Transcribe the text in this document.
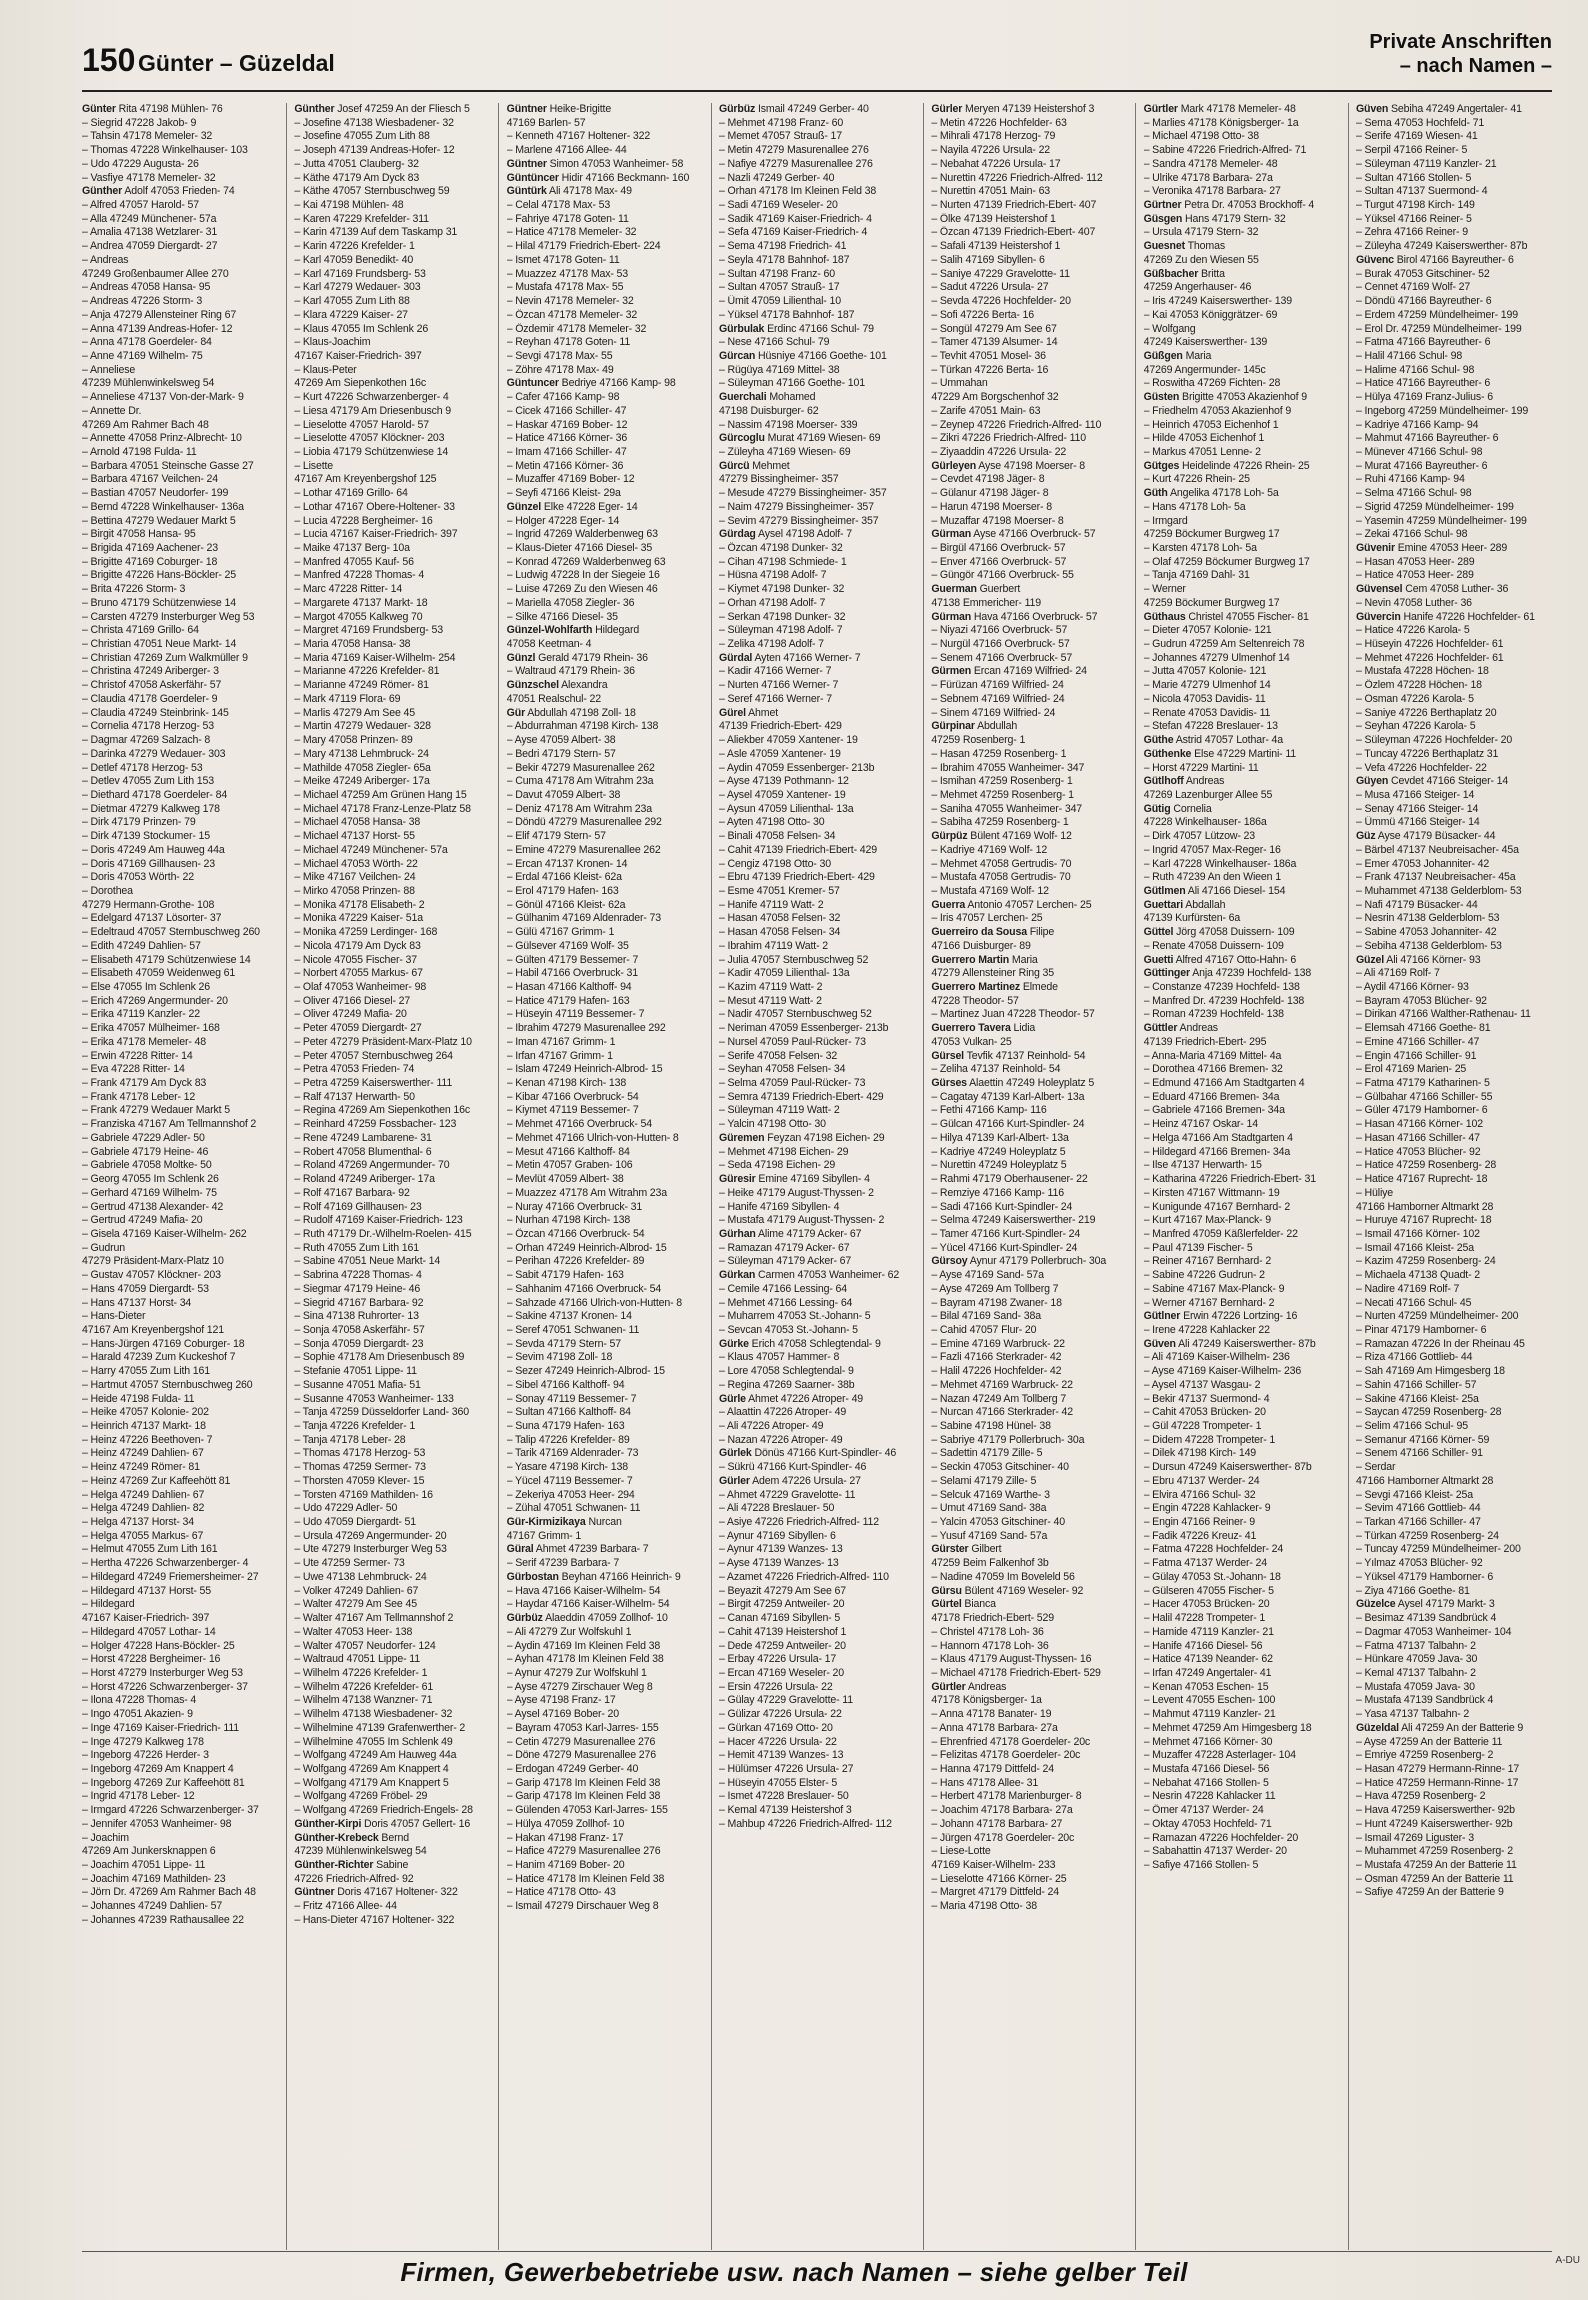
150 Günter – Güzeldal
Private Anschriften
– nach Namen –
Günter Rita 47198 Mühlen- 76
– Siegrid 47228 Jakob- 9
– Tahsin 47178 Memeler- 32
– Thomas 47228 Winkelhauser- 103
– Udo 47229 Augusta- 26
– Vasfiye 47178 Memeler- 32
Günther Adolf 47053 Frieden- 74
– Alfred 47057 Harold- 57
– Alla 47249 Münchener- 57a
– Amalia 47138 Wetzlarer- 31
– Andrea 47059 Diergardt- 27
– Andreas
47249 Großenbaumer Allee 270
– Andreas 47058 Hansa- 95
– Andreas 47226 Storm- 3
– Anja 47279 Allensteiner Ring 67
– Anna 47139 Andreas-Hofer- 12
– Anna 47178 Goerdeler- 84
– Anne 47169 Wilhelm- 75
– Anneliese
47239 Mühlenwinkelsweg 54
– Anneliese 47137 Von-der-Mark- 9
– Annette Dr.
47269 Am Rahmer Bach 48
– Annette 47058 Prinz-Albrecht- 10
– Arnold 47198 Fulda- 11
– Barbara 47051 Steinsche Gasse 27
– Barbara 47167 Veilchen- 24
– Bastian 47057 Neudorfer- 199
– Bernd 47228 Winkelhauser- 136a
– Bettina 47279 Wedauer Markt 5
– Birgit 47058 Hansa- 95
– Brigida 47169 Aachener- 23
– Brigitte 47169 Coburger- 18
– Brigitte 47226 Hans-Böckler- 25
– Brita 47226 Storm- 3
– Bruno 47179 Schützenwiese 14
– Carsten 47279 Insterburger Weg 53
– Christa 47169 Grillo- 64
– Christian 47051 Neue Markt- 14
– Christian 47269 Zum Walkmüller 9
– Christina 47249 Ariberger- 3
– Christof 47058 Askerfähr- 57
– Claudia 47178 Goerdeler- 9
– Claudia 47249 Steinbrink- 145
– Cornelia 47178 Herzog- 53
– Dagmar 47269 Salzach- 8
– Darinka 47279 Wedauer- 303
– Detlef 47178 Herzog- 53
– Detlev 47055 Zum Lith 153
– Diethard 47178 Goerdeler- 84
– Dietmar 47279 Kalkweg 178
– Dirk 47179 Prinzen- 79
– Dirk 47139 Stockumer- 15
– Doris 47249 Am Hauweg 44a
– Doris 47169 Gillhausen- 23
– Doris 47053 Wörth- 22
– Dorothea
47279 Hermann-Grothe- 108
– Edelgard 47137 Lösorter- 37
– Edeltraud 47057 Sternbuschweg 260
– Edith 47249 Dahlien- 57
– Elisabeth 47179 Schützenwiese 14
– Elisabeth 47059 Weidenweg 61
– Else 47055 Im Schlenk 26
– Erich 47269 Angermunder- 20
– Erika 47119 Kanzler- 22
– Erika 47057 Mülheimer- 168
– Erika 47178 Memeler- 48
– Erwin 47228 Ritter- 14
– Eva 47228 Ritter- 14
– Frank 47179 Am Dyck 83
– Frank 47178 Leber- 12
– Frank 47279 Wedauer Markt 5
– Franziska 47167 Am Tellmannshof 2
– Gabriele 47229 Adler- 50
– Gabriele 47179 Heine- 46
– Gabriele 47058 Moltke- 50
– Georg 47055 Im Schlenk 26
– Gerhard 47169 Wilhelm- 75
– Gertrud 47138 Alexander- 42
– Gertrud 47249 Mafia- 20
– Gisela 47169 Kaiser-Wilhelm- 262
– Gudrun
47279 Präsident-Marx-Platz 10
– Gustav 47057 Klöckner- 203
– Hans 47059 Diergardt- 53
– Hans 47137 Horst- 34
– Hans-Dieter
47167 Am Kreyenbergshof 121
– Hans-Jürgen 47169 Coburger- 18
– Harald 47239 Zum Kuckeshof 7
– Harry 47055 Zum Lith 161
– Hartmut 47057 Sternbuschweg 260
– Heide 47198 Fulda- 11
– Heike 47057 Kolonie- 202
– Heinrich 47137 Markt- 18
– Heinz 47226 Beethoven- 7
– Heinz 47249 Dahlien- 67
– Heinz 47249 Römer- 81
– Heinz 47269 Zur Kaffeehött 81
– Helga 47249 Dahlien- 67
– Helga 47249 Dahlien- 82
– Helga 47137 Horst- 34
– Helga 47055 Markus- 67
– Helmut 47055 Zum Lith 161
– Hertha 47226 Schwarzenberger- 4
– Hildegard 47249 Friemersheimer- 27
– Hildegard 47137 Horst- 55
– Hildegard
47167 Kaiser-Friedrich- 397
– Hildegard 47057 Lothar- 14
– Holger 47228 Hans-Böckler- 25
– Horst 47228 Bergheimer- 16
– Horst 47279 Insterburger Weg 53
– Horst 47226 Schwarzenberger- 37
– Ilona 47228 Thomas- 4
– Ingo 47051 Akazien- 9
– Inge 47169 Kaiser-Friedrich- 111
– Inge 47279 Kalkweg 178
– Ingeborg 47226 Herder- 3
– Ingeborg 47269 Am Knappert 4
– Ingeborg 47269 Zur Kaffeehött 81
– Ingrid 47178 Leber- 12
– Irmgard 47226 Schwarzenberger- 37
– Jennifer 47053 Wanheimer- 98
– Joachim
47269 Am Junkersknappen 6
– Joachim 47051 Lippe- 11
– Joachim 47169 Mathilden- 23
– Jörn Dr. 47269 Am Rahmer Bach 48
– Johannes 47249 Dahlien- 57
– Johannes 47239 Rathausallee 22
Günther Josef 47259 An der Fliesch 5
– Josefine 47138 Wiesbadener- 32
– Josefine 47055 Zum Lith 88
– Joseph 47139 Andreas-Hofer- 12
– Jutta 47051 Clauberg- 32
– Käthe 47179 Am Dyck 83
– Käthe 47057 Sternbuschweg 59
– Kai 47198 Mühlen- 48
– Karen 47229 Krefelder- 311
– Karin 47139 Auf dem Taskamp 31
– Karin 47226 Krefelder- 1
– Karl 47059 Benedikt- 40
– Karl 47169 Frundsberg- 53
– Karl 47279 Wedauer- 303
– Karl 47055 Zum Lith 88
– Klara 47229 Kaiser- 27
– Klaus 47055 Im Schlenk 26
– Klaus-Joachim
47167 Kaiser-Friedrich- 397
– Klaus-Peter
47269 Am Siepenkothen 16c
– Kurt 47226 Schwarzenberger- 4
– Liesa 47179 Am Driesenbusch 9
– Lieselotte 47057 Harold- 57
– Lieselotte 47057 Klöckner- 203
– Liobia 47179 Schützenwiese 14
– Lisette
47167 Am Kreyenbergshof 125
– Lothar 47169 Grillo- 64
– Lothar 47167 Obere-Holtener- 33
– Lucia 47228 Bergheimer- 16
– Lucia 47167 Kaiser-Friedrich- 397
– Maike 47137 Berg- 10a
– Manfred 47055 Kauf- 56
– Manfred 47228 Thomas- 4
– Marc 47228 Ritter- 14
– Margarete 47137 Markt- 18
– Margot 47055 Kalkweg 70
– Margret 47169 Frundsberg- 53
– Maria 47058 Hansa- 38
– Maria 47169 Kaiser-Wilhelm- 254
– Marianne 47226 Krefelder- 81
– Marianne 47249 Römer- 81
– Mark 47119 Flora- 69
– Marlis 47279 Am See 45
– Martin 47279 Wedauer- 328
– Mary 47058 Prinzen- 89
– Mary 47138 Lehmbruck- 24
– Mathilde 47058 Ziegler- 65a
– Meike 47249 Ariberger- 17a
– Michael 47259 Am Grünen Hang 15
– Michael 47178 Franz-Lenze-Platz 58
– Michael 47058 Hansa- 38
– Michael 47137 Horst- 55
– Michael 47249 Münchener- 57a
– Michael 47053 Wörth- 22
– Mike 47167 Veilchen- 24
– Mirko 47058 Prinzen- 88
– Monika 47178 Elisabeth- 2
– Monika 47229 Kaiser- 51a
– Monika 47259 Lerdinger- 168
– Nicola 47179 Am Dyck 83
– Nicole 47055 Fischer- 37
– Norbert 47055 Markus- 67
– Olaf 47053 Wanheimer- 98
– Oliver 47166 Diesel- 27
– Oliver 47249 Mafia- 20
– Peter 47059 Diergardt- 27
– Peter 47279 Präsident-Marx-Platz 10
– Peter 47057 Sternbuschweg 264
– Petra 47053 Frieden- 74
– Petra 47259 Kaiserswerther- 111
– Ralf 47137 Herwarth- 50
– Regina 47269 Am Siepenkothen 16c
– Reinhard 47259 Fossbacher- 123
– Rene 47249 Lambarene- 31
– Robert 47058 Blumenthal- 6
– Roland 47269 Angermunder- 70
– Roland 47249 Ariberger- 17a
– Rolf 47167 Barbara- 92
– Rolf 47169 Gillhausen- 23
– Rudolf 47169 Kaiser-Friedrich- 123
– Ruth 47179 Dr.-Wilhelm-Roelen- 415
– Ruth 47055 Zum Lith 161
– Sabine 47051 Neue Markt- 14
– Sabrina 47228 Thomas- 4
– Siegmar 47179 Heine- 46
– Siegrid 47167 Barbara- 92
– Sina 47138 Ruhrorter- 13
– Sonja 47058 Askerfähr- 57
– Sonja 47059 Diergardt- 23
– Sophie 47178 Am Driesenbusch 89
– Stefanie 47051 Lippe- 11
– Susanne 47051 Mafia- 51
– Susanne 47053 Wanheimer- 133
– Tanja 47259 Düsseldorfer Land- 360
– Tanja 47226 Krefelder- 1
– Tanja 47178 Leber- 28
– Thomas 47178 Herzog- 53
– Thomas 47259 Sermer- 73
– Thorsten 47059 Klever- 15
– Torsten 47169 Mathilden- 16
– Udo 47229 Adler- 50
– Udo 47059 Diergardt- 51
– Ursula 47269 Angermunder- 20
– Ute 47279 Insterburger Weg 53
– Ute 47259 Sermer- 73
– Uwe 47138 Lehmbruck- 24
– Volker 47249 Dahlien- 67
– Walter 47279 Am See 45
– Walter 47167 Am Tellmannshof 2
– Walter 47053 Heer- 138
– Walter 47057 Neudorfer- 124
– Waltraud 47051 Lippe- 11
– Wilhelm 47226 Krefelder- 1
– Wilhelm 47226 Krefelder- 61
– Wilhelm 47138 Wanzner- 71
– Wilhelm 47138 Wiesbadener- 32
– Wilhelmine 47139 Grafenwerther- 2
– Wilhelmine 47055 Im Schlenk 49
– Wolfgang 47249 Am Hauweg 44a
– Wolfgang 47269 Am Knappert 4
– Wolfgang 47179 Am Knappert 5
– Wolfgang 47269 Fröbel- 29
– Wolfgang 47269 Friedrich-Engels- 28
Günther-Kirpi Doris 47057 Gellert- 16
Günther-Krebeck Bernd
47239 Mühlenwinkelsweg 54
Günther-Richter Sabine
47226 Friedrich-Alfred- 92
Güntner Doris 47167 Holtener- 322
– Fritz 47166 Allee- 44
– Hans-Dieter 47167 Holtener- 322
Güntner Heike-Brigitte
47169 Barlen- 57
– Kenneth 47167 Holtener- 322
– Marlene 47166 Allee- 44
Güntner Simon 47053 Wanheimer- 58
Güntüncer Hidir 47166 Beckmann- 160
Güntürk Ali 47178 Max- 49
– Celal 47178 Max- 53
– Fahriye 47178 Goten- 11
– Hatice 47178 Memeler- 32
– Hilal 47179 Friedrich-Ebert- 224
– Ismet 47178 Goten- 11
– Muazzez 47178 Max- 53
– Mustafa 47178 Max- 55
– Nevin 47178 Memeler- 32
– Özcan 47178 Memeler- 32
– Özdemir 47178 Memeler- 32
– Reyhan 47178 Goten- 11
– Sevgi 47178 Max- 55
– Zöhre 47178 Max- 49
Güntuncer Bedriye 47166 Kamp- 98
– Cafer 47166 Kamp- 98
– Cicek 47166 Schiller- 47
– Haskar 47169 Bober- 12
– Hatice 47166 Körner- 36
– Imam 47166 Schiller- 47
– Metin 47166 Körner- 36
– Muzaffer 47169 Bober- 12
– Seyfi 47166 Kleist- 29a
Günzel Elke 47228 Eger- 14
– Holger 47228 Eger- 14
– Ingrid 47269 Walderbenweg 63
– Klaus-Dieter 47166 Diesel- 35
– Konrad 47269 Walderbenweg 63
– Ludwig 47228 In der Siegeie 16
– Luise 47269 Zu den Wiesen 46
– Mariella 47058 Ziegler- 36
– Silke 47166 Diesel- 35
Günzel-Wohlfarth Hildegard
47058 Keetman- 4
Günzl Gerald 47179 Rhein- 36
– Waltraud 47179 Rhein- 36
Günzschel Alexandra
47051 Realschul- 22
Gür Abdullah 47198 Zoll- 18
– Abdurrahman 47198 Kirch- 138
– Ayse 47059 Albert- 38
– Bedri 47179 Stern- 57
– Bekir 47279 Masurenallee 262
– Cuma 47178 Am Witrahm 23a
– Davut 47059 Albert- 38
– Deniz 47178 Am Witrahm 23a
– Döndü 47279 Masurenallee 292
– Elif 47179 Stern- 57
– Emine 47279 Masurenallee 262
– Ercan 47137 Kronen- 14
– Erdal 47166 Kleist- 62a
– Erol 47179 Hafen- 163
– Gönül 47166 Kleist- 62a
– Gülhanim 47169 Aldenrader- 73
– Gülü 47167 Grimm- 1
– Gülsever 47169 Wolf- 35
– Gülten 47179 Bessemer- 7
– Habil 47166 Overbruck- 31
– Hasan 47166 Kalthoff- 94
– Hatice 47179 Hafen- 163
– Hüseyin 47119 Bessemer- 7
– Ibrahim 47279 Masurenallee 292
– Iman 47167 Grimm- 1
– Irfan 47167 Grimm- 1
– Islam 47249 Heinrich-Albrod- 15
– Kenan 47198 Kirch- 138
– Kibar 47166 Overbruck- 54
– Kiymet 47119 Bessemer- 7
– Mehmet 47166 Overbruck- 54
– Mehmet 47166 Ulrich-von-Hutten- 8
– Mesut 47166 Kalthoff- 84
– Metin 47057 Graben- 106
– Mevlüt 47059 Albert- 38
– Muazzez 47178 Am Witrahm 23a
– Nuray 47166 Overbruck- 31
– Nurhan 47198 Kirch- 138
– Özcan 47166 Overbruck- 54
– Orhan 47249 Heinrich-Albrod- 15
– Perihan 47226 Krefelder- 89
– Sabit 47179 Hafen- 163
– Sahhanim 47166 Overbruck- 54
– Sahzade 47166 Ulrich-von-Hutten- 8
– Sakine 47137 Kronen- 14
– Seref 47051 Schwanen- 11
– Sevda 47179 Stern- 57
– Sevim 47198 Zoll- 18
– Sezer 47249 Heinrich-Albrod- 15
– Sibel 47166 Kalthoff- 94
– Sonay 47119 Bessemer- 7
– Sultan 47166 Kalthoff- 84
– Suna 47179 Hafen- 163
– Talip 47226 Krefelder- 89
– Tarik 47169 Aldenrader- 73
– Yasare 47198 Kirch- 138
– Yücel 47119 Bessemer- 7
– Zekeriya 47053 Heer- 294
– Zühal 47051 Schwanen- 11
Gür-Kirmizikaya Nurcan
47167 Grimm- 1
Güral Ahmet 47239 Barbara- 7
– Serif 47239 Barbara- 7
Gürbostan Beyhan 47166 Heinrich- 9
– Hava 47166 Kaiser-Wilhelm- 54
– Haydar 47166 Kaiser-Wilhelm- 54
Gürbüz Alaeddin 47059 Zollhof- 10
– Ali 47279 Zur Wolfskuhl 1
– Aydin 47169 Im Kleinen Feld 38
– Ayhan 47178 Im Kleinen Feld 38
– Aynur 47279 Zur Wolfskuhl 1
– Ayse 47279 Zirschauer Weg 8
– Ayse 47198 Franz- 17
– Aysel 47169 Bober- 20
– Bayram 47053 Karl-Jarres- 155
– Cetin 47279 Masurenallee 276
– Döne 47279 Masurenallee 276
– Erdogan 47249 Gerber- 40
– Garip 47178 Im Kleinen Feld 38
– Garip 47178 Im Kleinen Feld 38
– Gülenden 47053 Karl-Jarres- 155
– Hülya 47059 Zollhof- 10
– Hakan 47198 Franz- 17
– Hafice 47279 Masurenallee 276
– Hanim 47169 Bober- 20
– Hatice 47178 Im Kleinen Feld 38
– Hatice 47178 Otto- 43
– Ismail 47279 Dirschauer Weg 8
Gürbüz Ismail 47249 Gerber- 40
– Mehmet 47198 Franz- 60
– Memet 47057 Strauß- 17
– Metin 47279 Masurenallee 276
– Nafiye 47279 Masurenallee 276
– Nazli 47249 Gerber- 40
– Orhan 47178 Im Kleinen Feld 38
– Sadi 47169 Weseler- 20
– Sadik 47169 Kaiser-Friedrich- 4
– Sefa 47169 Kaiser-Friedrich- 4
– Sema 47198 Friedrich- 41
– Seyla 47178 Bahnhof- 187
– Sultan 47198 Franz- 60
– Sultan 47057 Strauß- 17
– Ümit 47059 Lilienthal- 10
– Yüksel 47178 Bahnhof- 187
Gürbulak Erdinc 47166 Schul- 79
– Nese 47166 Schul- 79
Gürcan Hüsniye 47166 Goethe- 101
– Rügüya 47169 Mittel- 38
– Süleyman 47166 Goethe- 101
Guerchali Mohamed
47198 Duisburger- 62
– Nassim 47198 Moerser- 339
Gürcoglu Murat 47169 Wiesen- 69
– Züleyha 47169 Wiesen- 69
Gürcü Mehmet
47279 Bissingheimer- 357
– Mesude 47279 Bissingheimer- 357
– Naim 47279 Bissingheimer- 357
– Sevim 47279 Bissingheimer- 357
Gürdag Aysel 47198 Adolf- 7
– Özcan 47198 Dunker- 32
– Cihan 47198 Schmiede- 1
– Hüsna 47198 Adolf- 7
– Kiymet 47198 Dunker- 32
– Orhan 47198 Adolf- 7
– Serkan 47198 Dunker- 32
– Süleyman 47198 Adolf- 7
– Zelika 47198 Adolf- 7
Gürdal Ayten 47166 Werner- 7
– Kadir 47166 Werner- 7
– Nurten 47166 Werner- 7
– Seref 47166 Werner- 7
Gürel Ahmet
47139 Friedrich-Ebert- 429
– Aliekber 47059 Xantener- 19
– Asle 47059 Xantener- 19
– Aydin 47059 Essenberger- 213b
– Ayse 47139 Pothmann- 12
– Aysel 47059 Xantener- 19
– Aysun 47059 Lilienthal- 13a
– Ayten 47198 Otto- 30
– Binali 47058 Felsen- 34
– Cahit 47139 Friedrich-Ebert- 429
– Cengiz 47198 Otto- 30
– Ebru 47139 Friedrich-Ebert- 429
– Esme 47051 Kremer- 57
– Hanife 47119 Watt- 2
– Hasan 47058 Felsen- 32
– Hasan 47058 Felsen- 34
– Ibrahim 47119 Watt- 2
– Julia 47057 Sternbuschweg 52
– Kadir 47059 Lilienthal- 13a
– Kazim 47119 Watt- 2
– Mesut 47119 Watt- 2
– Nadir 47057 Sternbuschweg 52
– Neriman 47059 Essenberger- 213b
– Nursel 47059 Paul-Rücker- 73
– Serife 47058 Felsen- 32
– Seyhan 47058 Felsen- 34
– Selma 47059 Paul-Rücker- 73
– Semra 47139 Friedrich-Ebert- 429
– Süleyman 47119 Watt- 2
– Yalcin 47198 Otto- 30
Güremen Feyzan 47198 Eichen- 29
– Mehmet 47198 Eichen- 29
– Seda 47198 Eichen- 29
Güresir Emine 47169 Sibyllen- 4
– Heike 47179 August-Thyssen- 2
– Hanife 47169 Sibyllen- 4
– Mustafa 47179 August-Thyssen- 2
Gürhan Alime 47179 Acker- 67
– Ramazan 47179 Acker- 67
– Süleyman 47179 Acker- 67
Gürkan Carmen 47053 Wanheimer- 62
– Cemile 47166 Lessing- 64
– Mehmet 47166 Lessing- 64
– Muharrem 47053 St.-Johann- 5
– Sevcan 47053 St.-Johann- 5
Gürke Erich 47058 Schlegtendal- 9
– Klaus 47057 Hammer- 8
– Lore 47058 Schlegtendal- 9
– Regina 47269 Saarner- 38b
Gürle Ahmet 47226 Atroper- 49
– Alaattin 47226 Atroper- 49
– Ali 47226 Atroper- 49
– Nazan 47226 Atroper- 49
Gürlek Dönüs 47166 Kurt-Spindler- 46
– Sükrü 47166 Kurt-Spindler- 46
Gürler Adem 47226 Ursula- 27
– Ahmet 47229 Gravelotte- 11
– Ali 47228 Breslauer- 50
– Asiye 47226 Friedrich-Alfred- 112
– Aynur 47169 Sibyllen- 6
– Aynur 47139 Wanzes- 13
– Ayse 47139 Wanzes- 13
– Azamet 47226 Friedrich-Alfred- 110
– Beyazit 47279 Am See 67
– Birgit 47259 Antweiler- 20
– Canan 47169 Sibyllen- 5
– Cahit 47139 Heistershof 1
– Dede 47259 Antweiler- 20
– Erbay 47226 Ursula- 17
– Ercan 47169 Weseler- 20
– Ersin 47226 Ursula- 22
– Gülay 47229 Gravelotte- 11
– Gülizar 47226 Ursula- 22
– Gürkan 47169 Otto- 20
– Hacer 47226 Ursula- 22
– Hemit 47139 Wanzes- 13
– Hülümser 47226 Ursula- 27
– Hüseyin 47055 Elster- 5
– Ismet 47228 Breslauer- 50
– Kemal 47139 Heistershof 3
– Mahbup 47226 Friedrich-Alfred- 112
Gürler Meryen 47139 Heistershof 3
– Metin 47226 Hochfelder- 63
– Mihrali 47178 Herzog- 79
– Nayila 47226 Ursula- 22
– Nebahat 47226 Ursula- 17
– Nurettin 47226 Friedrich-Alfred- 112
– Nurettin 47051 Main- 63
– Nurten 47139 Friedrich-Ebert- 407
– Ölke 47139 Heistershof 1
– Özcan 47139 Friedrich-Ebert- 407
– Safali 47139 Heistershof 1
– Salih 47169 Sibyllen- 6
– Saniye 47229 Gravelotte- 11
– Sadut 47226 Ursula- 27
– Sevda 47226 Hochfelder- 20
– Sofi 47226 Berta- 16
– Songül 47279 Am See 67
– Tamer 47139 Alsumer- 14
– Tevhit 47051 Mosel- 36
– Türkan 47226 Berta- 16
– Ummahan
47229 Am Borgschenhof 32
– Zarife 47051 Main- 63
– Zeynep 47226 Friedrich-Alfred- 110
– Zikri 47226 Friedrich-Alfred- 110
– Ziyaaddin 47226 Ursula- 22
Gürleyen Ayse 47198 Moerser- 8
– Cevdet 47198 Jäger- 8
– Gülanur 47198 Jäger- 8
– Harun 47198 Moerser- 8
– Muzaffar 47198 Moerser- 8
Gürman Ayse 47166 Overbruck- 57
– Birgül 47166 Overbruck- 57
– Enver 47166 Overbruck- 57
– Güngör 47166 Overbruck- 55
Guerman Guerbert
47138 Emmericher- 119
Gürman Hava 47166 Overbruck- 57
– Niyazi 47166 Overbruck- 57
– Nurgül 47166 Overbruck- 57
– Senem 47166 Overbruck- 57
Gürmen Ercan 47169 Wilfried- 24
– Fürüzan 47169 Wilfried- 24
– Sebnem 47169 Wilfried- 24
– Sinem 47169 Wilfried- 24
Gürpinar Abdullah
47259 Rosenberg- 1
– Hasan 47259 Rosenberg- 1
– Ibrahim 47055 Wanheimer- 347
– Ismihan 47259 Rosenberg- 1
– Mehmet 47259 Rosenberg- 1
– Saniha 47055 Wanheimer- 347
– Sabiha 47259 Rosenberg- 1
Gürpüz Bülent 47169 Wolf- 12
– Kadriye 47169 Wolf- 12
– Mehmet 47058 Gertrudis- 70
– Mustafa 47058 Gertrudis- 70
– Mustafa 47169 Wolf- 12
Guerra Antonio 47057 Lerchen- 25
– Iris 47057 Lerchen- 25
Guerreiro da Sousa Filipe
47166 Duisburger- 89
Guerrero Martin Maria
47279 Allensteiner Ring 35
Guerrero Martinez Elmede
47228 Theodor- 57
– Martinez Juan 47228 Theodor- 57
Guerrero Tavera Lidia
47053 Vulkan- 25
Gürsel Tevfik 47137 Reinhold- 54
– Zeliha 47137 Reinhold- 54
Gürses Alaettin 47249 Holeyplatz 5
– Cagatay 47139 Karl-Albert- 13a
– Fethi 47166 Kamp- 116
– Gülcan 47166 Kurt-Spindler- 24
– Hilya 47139 Karl-Albert- 13a
– Kadriye 47249 Holeyplatz 5
– Nurettin 47249 Holeyplatz 5
– Rahmi 47179 Oberhausener- 22
– Remziye 47166 Kamp- 116
– Sadi 47166 Kurt-Spindler- 24
– Selma 47249 Kaiserswerther- 219
– Tamer 47166 Kurt-Spindler- 24
– Yücel 47166 Kurt-Spindler- 24
Gürsoy Aynur 47179 Pollerbruch- 30a
– Ayse 47169 Sand- 57a
– Ayse 47269 Am Tollberg 7
– Bayram 47198 Zwaner- 18
– Bilal 47169 Sand- 38a
– Cahid 47057 Flur- 20
– Emine 47169 Warbruck- 22
– Fazli 47166 Sterkrader- 42
– Halil 47226 Hochfelder- 42
– Mehmet 47169 Warbruck- 22
– Nazan 47249 Am Tollberg 7
– Nurcan 47166 Sterkrader- 42
– Sabine 47198 Hünel- 38
– Sabriye 47179 Pollerbruch- 30a
– Sadettin 47179 Zille- 5
– Seckin 47053 Gitschiner- 40
– Selami 47179 Zille- 5
– Selcuk 47169 Warthe- 3
– Umut 47169 Sand- 38a
– Yalcin 47053 Gitschiner- 40
– Yusuf 47169 Sand- 57a
Gürster Gilbert
47259 Beim Falkenhof 3b
– Nadine 47059 Im Boveleld 56
Gürsu Bülent 47169 Weseler- 92
Gürtel Bianca
47178 Friedrich-Ebert- 529
– Christel 47178 Loh- 36
– Hannorn 47178 Loh- 36
– Klaus 47179 August-Thyssen- 16
– Michael 47178 Friedrich-Ebert- 529
Gürtler Andreas
47178 Königsberger- 1a
– Anna 47178 Banater- 19
– Anna 47178 Barbara- 27a
– Ehrenfried 47178 Goerdeler- 20c
– Felizitas 47178 Goerdeler- 20c
– Hanna 47179 Dittfeld- 24
– Hans 47178 Allee- 31
– Herbert 47178 Marienburger- 8
– Joachim 47178 Barbara- 27a
– Johann 47178 Barbara- 27
– Jürgen 47178 Goerdeler- 20c
– Liese-Lotte
47169 Kaiser-Wilhelm- 233
– Lieselotte 47166 Körner- 25
– Margret 47179 Dittfeld- 24
– Maria 47198 Otto- 38
Gürtler Mark 47178 Memeler- 48
– Marlies 47178 Königsberger- 1a
– Michael 47198 Otto- 38
– Sabine 47226 Friedrich-Alfred- 71
– Sandra 47178 Memeler- 48
– Ulrike 47178 Barbara- 27a
– Veronika 47178 Barbara- 27
Gürtner Petra Dr. 47053 Brockhoff- 4
Güsgen Hans 47179 Stern- 32
– Ursula 47179 Stern- 32
Guesnet Thomas
47269 Zu den Wiesen 55
Güßbacher Britta
47259 Angerhauser- 46
– Iris 47249 Kaiserswerther- 139
– Kai 47053 Königgrätzer- 69
– Wolfgang
47249 Kaiserswerther- 139
Güßgen Maria
47269 Angermunder- 145c
– Roswitha 47269 Fichten- 28
Güsten Brigitte 47053 Akazienhof 9
– Friedhelm 47053 Akazienhof 9
– Heinrich 47053 Eichenhof 1
– Hilde 47053 Eichenhof 1
– Markus 47051 Lenne- 2
Gütges Heidelinde 47226 Rhein- 25
– Kurt 47226 Rhein- 25
Güth Angelika 47178 Loh- 5a
– Hans 47178 Loh- 5a
– Irmgard
47259 Böckumer Burgweg 17
– Karsten 47178 Loh- 5a
– Olaf 47259 Böckumer Burgweg 17
– Tanja 47169 Dahl- 31
– Werner
47259 Böckumer Burgweg 17
Güthaus Christel 47055 Fischer- 81
– Dieter 47057 Kolonie- 121
– Gudrun 47259 Am Seltenreich 78
– Johannes 47279 Ulmenhof 14
– Jutta 47057 Kolonie- 121
– Marie 47279 Ulmenhof 14
– Nicola 47053 Davidis- 11
– Renate 47053 Davidis- 11
– Stefan 47228 Breslauer- 13
Güthe Astrid 47057 Lothar- 4a
Güthenke Else 47229 Martini- 11
– Horst 47229 Martini- 11
Gütlhoff Andreas
47269 Lazenburger Allee 55
Gütig Cornelia
47228 Winkelhauser- 186a
– Dirk 47057 Lützow- 23
– Ingrid 47057 Max-Reger- 16
– Karl 47228 Winkelhauser- 186a
– Ruth 47239 An den Wieen 1
Gütlmen Ali 47166 Diesel- 154
Guettari Abdallah
47139 Kurfürsten- 6a
Güttel Jörg 47058 Duissern- 109
– Renate 47058 Duissern- 109
Guetti Alfred 47167 Otto-Hahn- 6
Güttinger Anja 47239 Hochfeld- 138
– Constanze 47239 Hochfeld- 138
– Manfred Dr. 47239 Hochfeld- 138
– Roman 47239 Hochfeld- 138
Güttler Andreas
47139 Friedrich-Ebert- 295
– Anna-Maria 47169 Mittel- 4a
– Dorothea 47166 Bremen- 32
– Edmund 47166 Am Stadtgarten 4
– Eduard 47166 Bremen- 34a
– Gabriele 47166 Bremen- 34a
– Heinz 47167 Oskar- 14
– Helga 47166 Am Stadtgarten 4
– Hildegard 47166 Bremen- 34a
– Ilse 47137 Herwarth- 15
– Katharina 47226 Friedrich-Ebert- 31
– Kirsten 47167 Wittmann- 19
– Kunigunde 47167 Bernhard- 2
– Kurt 47167 Max-Planck- 9
– Manfred 47059 Käßlerfelder- 22
– Paul 47139 Fischer- 5
– Reiner 47167 Bernhard- 2
– Sabine 47226 Gudrun- 2
– Sabine 47167 Max-Planck- 9
– Werner 47167 Bernhard- 2
Gütlner Erwin 47226 Lortzing- 16
– Irene 47228 Kahlacker 22
Güven Ali 47249 Kaiserswerther- 87b
– Ali 47169 Kaiser-Wilhelm- 236
– Ayse 47169 Kaiser-Wilhelm- 236
– Aysel 47137 Wasgau- 2
– Bekir 47137 Suermond- 4
– Cahit 47053 Brücken- 20
– Gül 47228 Trompeter- 1
– Didem 47228 Trompeter- 1
– Dilek 47198 Kirch- 149
– Dursun 47249 Kaiserswerther- 87b
– Ebru 47137 Werder- 24
– Elvira 47166 Schul- 32
– Engin 47228 Kahlacker- 9
– Engin 47166 Reiner- 9
– Fadik 47226 Kreuz- 41
– Fatma 47228 Hochfelder- 24
– Fatma 47137 Werder- 24
– Gülay 47053 St.-Johann- 18
– Gülseren 47055 Fischer- 5
– Hacer 47053 Brücken- 20
– Halil 47228 Trompeter- 1
– Hamide 47119 Kanzler- 21
– Hanife 47166 Diesel- 56
– Hatice 47139 Neander- 62
– Irfan 47249 Angertaler- 41
– Kenan 47053 Eschen- 15
– Levent 47055 Eschen- 100
– Mahmut 47119 Kanzler- 21
– Mehmet 47259 Am Himgesberg 18
– Mehmet 47166 Körner- 30
– Muzaffer 47228 Asterlager- 104
– Mustafa 47166 Diesel- 56
– Nebahat 47166 Stollen- 5
– Nesrin 47228 Kahlacker 11
– Ömer 47137 Werder- 24
– Oktay 47053 Hochfeld- 71
– Ramazan 47226 Hochfelder- 20
– Sabahattin 47137 Werder- 20
– Safiye 47166 Stollen- 5
Güven Sebiha 47249 Angertaler- 41
– Sema 47053 Hochfeld- 71
– Serife 47169 Wiesen- 41
– Serpil 47166 Reiner- 5
– Süleyman 47119 Kanzler- 21
– Sultan 47166 Stollen- 5
– Sultan 47137 Suermond- 4
– Turgut 47198 Kirch- 149
– Yüksel 47166 Reiner- 5
– Zehra 47166 Reiner- 9
– Züleyha 47249 Kaiserswerther- 87b
Güvenc Birol 47166 Bayreuther- 6
– Burak 47053 Gitschiner- 52
– Cennet 47169 Wolf- 27
– Döndü 47166 Bayreuther- 6
– Erdem 47259 Mündelheimer- 199
– Erol Dr. 47259 Mündelheimer- 199
– Fatma 47166 Bayreuther- 6
– Halil 47166 Schul- 98
– Halime 47166 Schul- 98
– Hatice 47166 Bayreuther- 6
– Hülya 47169 Franz-Julius- 6
– Ingeborg 47259 Mündelheimer- 199
– Kadriye 47166 Kamp- 94
– Mahmut 47166 Bayreuther- 6
– Münever 47166 Schul- 98
– Murat 47166 Bayreuther- 6
– Ruhi 47166 Kamp- 94
– Selma 47166 Schul- 98
– Sigrid 47259 Mündelheimer- 199
– Yasemin 47259 Mündelheimer- 199
– Zekai 47166 Schul- 98
Güvenir Emine 47053 Heer- 289
– Hasan 47053 Heer- 289
– Hatice 47053 Heer- 289
Güvensel Cem 47058 Luther- 36
– Nevin 47058 Luther- 36
Güvercin Hanife 47226 Hochfelder- 61
– Hatice 47226 Karola- 5
– Hüseyin 47226 Hochfelder- 61
– Mehmet 47226 Hochfelder- 61
– Mustafa 47228 Höchen- 18
– Özlem 47228 Höchen- 18
– Osman 47226 Karola- 5
– Saniye 47226 Berthaplatz 20
– Seyhan 47226 Karola- 5
– Süleyman 47226 Hochfelder- 20
– Tuncay 47226 Berthaplatz 31
– Vefa 47226 Hochfelder- 22
Güyen Cevdet 47166 Steiger- 14
– Musa 47166 Steiger- 14
– Senay 47166 Steiger- 14
– Ümmü 47166 Steiger- 14
Güz Ayse 47179 Büsacker- 44
– Bärbel 47137 Neubreisacher- 45a
– Emer 47053 Johanniter- 42
– Frank 47137 Neubreisacher- 45a
– Muhammet 47138 Gelderblom- 53
– Nafi 47179 Büsacker- 44
– Nesrin 47138 Gelderblom- 53
– Sabine 47053 Johanniter- 42
– Sebiha 47138 Gelderblom- 53
Güzel Ali 47166 Körner- 93
– Ali 47169 Rolf- 7
– Aydil 47166 Körner- 93
– Bayram 47053 Blücher- 92
– Dirikan 47166 Walther-Rathenau- 11
– Elemsah 47166 Goethe- 81
– Emine 47166 Schiller- 47
– Engin 47166 Schiller- 91
– Erol 47169 Marien- 25
– Fatma 47179 Katharinen- 5
– Gülbahar 47166 Schiller- 55
– Güler 47179 Hamborner- 6
– Hasan 47166 Körner- 102
– Hasan 47166 Schiller- 47
– Hatice 47053 Blücher- 92
– Hatice 47259 Rosenberg- 28
– Hatice 47167 Ruprecht- 18
– Hüliye
47166 Hamborner Altmarkt 28
– Huruye 47167 Ruprecht- 18
– Ismail 47166 Körner- 102
– Ismail 47166 Kleist- 25a
– Kazim 47259 Rosenberg- 24
– Michaela 47138 Quadt- 2
– Nadire 47169 Rolf- 7
– Necati 47166 Schul- 45
– Nurten 47259 Mündelheimer- 200
– Pinar 47179 Hamborner- 6
– Ramazan 47226 In der Rheinau 45
– Riza 47166 Gottlieb- 44
– Sah 47169 Am Himgesberg 18
– Sahin 47166 Schiller- 57
– Sakine 47166 Kleist- 25a
– Saycan 47259 Rosenberg- 28
– Selim 47166 Schul- 95
– Semanur 47166 Körner- 59
– Senem 47166 Schiller- 91
– Serdar
47166 Hamborner Altmarkt 28
– Sevgi 47166 Kleist- 25a
– Sevim 47166 Gottlieb- 44
– Tarkan 47166 Schiller- 47
– Türkan 47259 Rosenberg- 24
– Tuncay 47259 Mündelheimer- 200
– Yılmaz 47053 Blücher- 92
– Yüksel 47179 Hamborner- 6
– Ziya 47166 Goethe- 81
Güzelce Aysel 47179 Markt- 3
– Besimaz 47139 Sandbrück 4
– Dagmar 47053 Wanheimer- 104
– Fatma 47137 Talbahn- 2
– Hünkare 47059 Java- 30
– Kemal 47137 Talbahn- 2
– Mustafa 47059 Java- 30
– Mustafa 47139 Sandbrück 4
– Yasa 47137 Talbahn- 2
Güzeldal Ali 47259 An der Batterie 9
– Ayse 47259 An der Batterie 11
– Emriye 47259 Rosenberg- 2
– Hasan 47279 Hermann-Rinne- 17
– Hatice 47259 Hermann-Rinne- 17
– Hava 47259 Rosenberg- 2
– Hava 47259 Kaiserswerther- 92b
– Hunt 47249 Kaiserswerther- 92b
– Ismail 47269 Liguster- 3
– Muhammet 47259 Rosenberg- 2
– Mustafa 47259 An der Batterie 11
– Osman 47259 An der Batterie 11
– Safiye 47259 An der Batterie 9
Firmen, Gewerbebetriebe usw. nach Namen – siehe gelber Teil	A-DU
